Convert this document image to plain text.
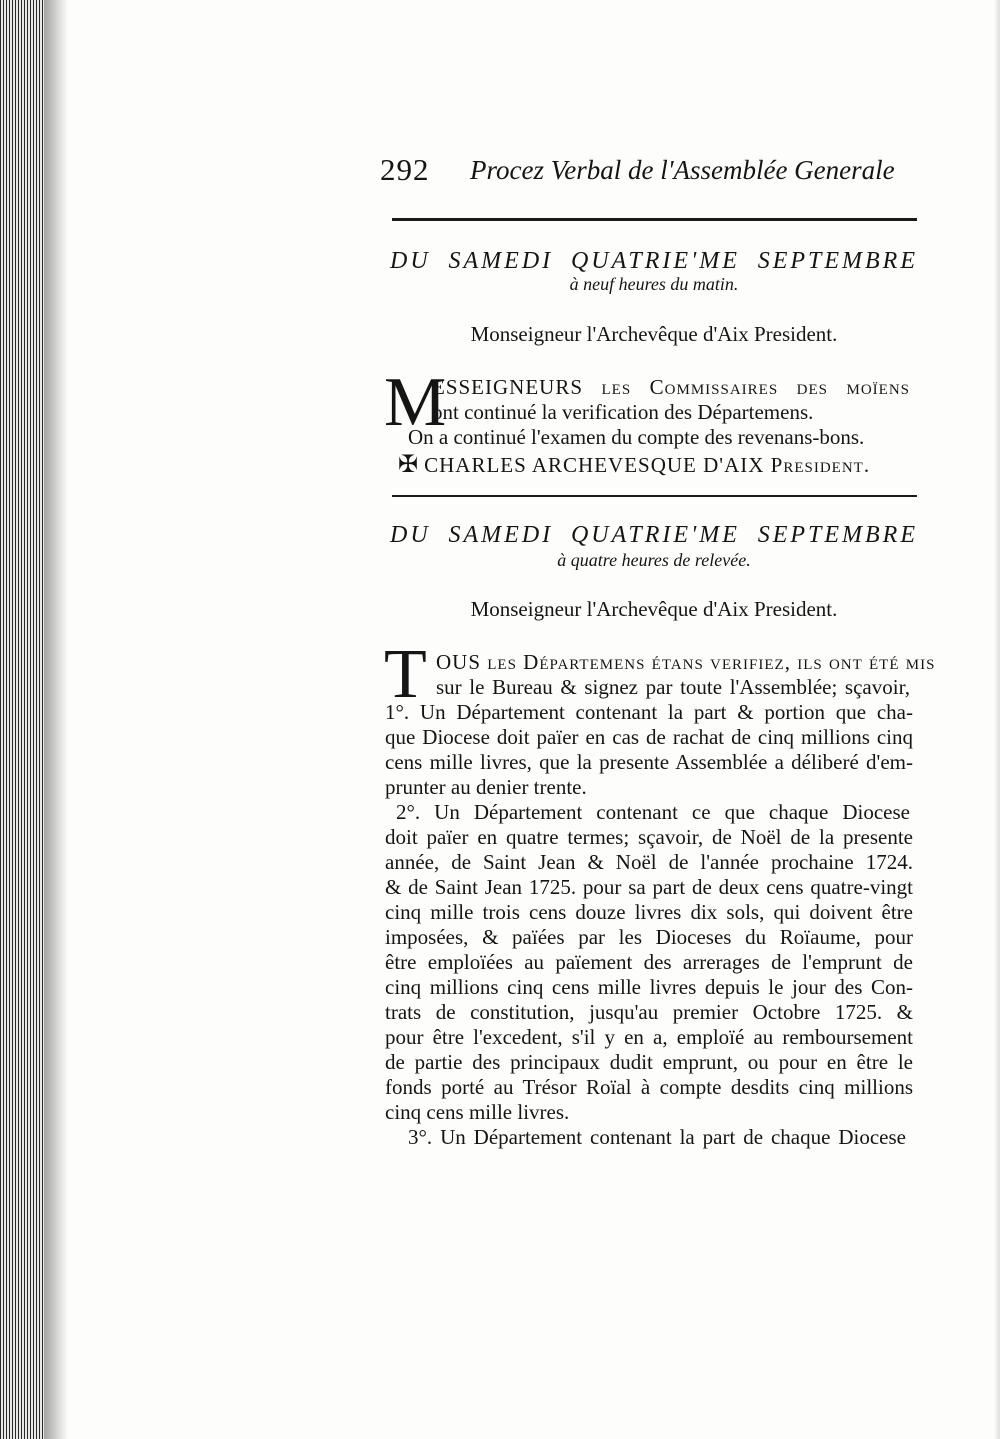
292 Procez Verbal de l'Assemblée Generale
DU SAMEDI QUATRIE'ME SEPTEMBRE
à neuf heures du matin.
Monseigneur l'Archevêque d'Aix President.
M
ESSEIGNEURS les Commissaires des moïens
ont continué la verification des Départemens.
On a continué l'examen du compte des revenans-bons.
✠ CHARLES ARCHEVESQUE D'AIX President.
DU SAMEDI QUATRIE'ME SEPTEMBRE
à quatre heures de relevée.
Monseigneur l'Archevêque d'Aix President.
T OUS les Départemens étans verifiez, ils ont été mis
sur le Bureau & signez par toute l'Assemblée; sçavoir,
1°. Un Département contenant la part & portion que cha-
que Diocese doit païer en cas de rachat de cinq millions cinq
cens mille livres, que la presente Assemblée a déliberé d'em-
prunter au denier trente.
2°. Un Département contenant ce que chaque Diocese
doit païer en quatre termes; sçavoir, de Noël de la presente
année, de Saint Jean & Noël de l'année prochaine 1724.
& de Saint Jean 1725. pour sa part de deux cens quatre-vingt
cinq mille trois cens douze livres dix sols, qui doivent être
imposées, & païées par les Dioceses du Roïaume, pour
être emploïées au païement des arrerages de l'emprunt de
cinq millions cinq cens mille livres depuis le jour des Con-
trats de constitution, jusqu'au premier Octobre 1725. &
pour être l'excedent, s'il y en a, emploïé au remboursement
de partie des principaux dudit emprunt, ou pour en être le
fonds porté au Trésor Roïal à compte desdits cinq millions
cinq cens mille livres.
3°. Un Département contenant la part de chaque Diocese
